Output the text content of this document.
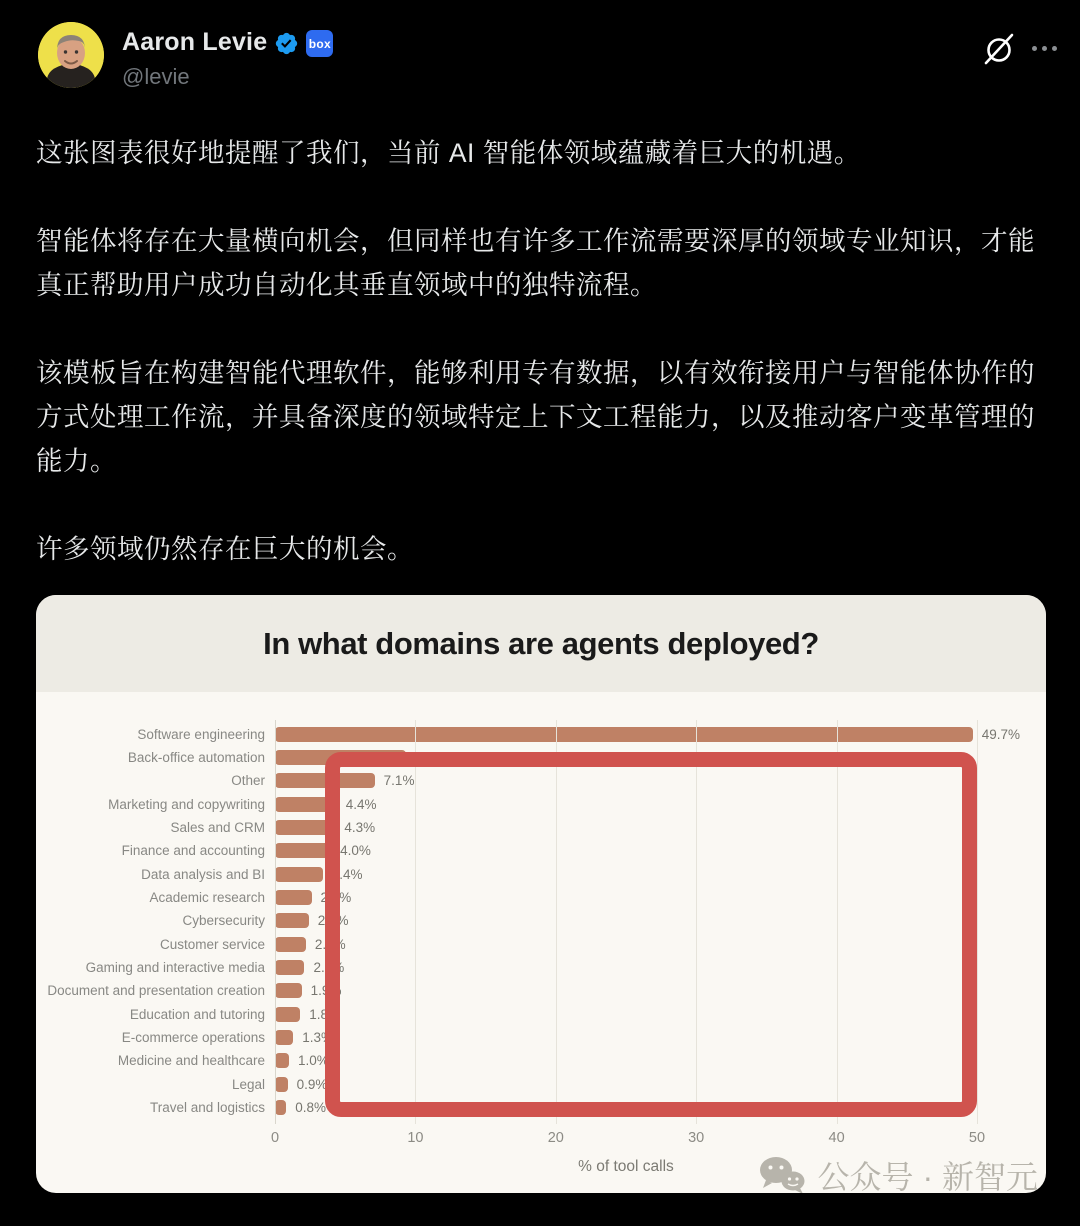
Aaron Levie	box
@levie

这张图表很好地提醒了我们，当前 AI 智能体领域蕴藏着巨大的机遇。

智能体将存在大量横向机会，但同样也有许多工作流需要深厚的领域专业知识，才能真正帮助用户成功自动化其垂直领域中的独特流程。

该模板旨在构建智能代理软件，能够利用专有数据，以有效衔接用户与智能体协作的方式处理工作流，并具备深度的领域特定上下文工程能力，以及推动客户变革管理的能力。

许多领域仍然存在巨大的机会。

In what domains are agents deployed?
0.8%
Travel and logistics
0.9%
Legal
1.0%
Medicine and healthcare
1.3%
E-commerce operations
1.8%
Education and tutoring
1.9%
Document and presentation creation
2.1%
Gaming and interactive media
2.2%
Customer service
2.4%
Cybersecurity
2.6%
Academic research
3.4%
Data analysis and BI
4.0%
Finance and accounting
4.3%
Sales and CRM
4.4%
Marketing and copywriting
7.1%
Other
Back-office automation
49.7%
Software engineering
50
40
30
20
10
0
% of tool calls	公众号 · 新智元
